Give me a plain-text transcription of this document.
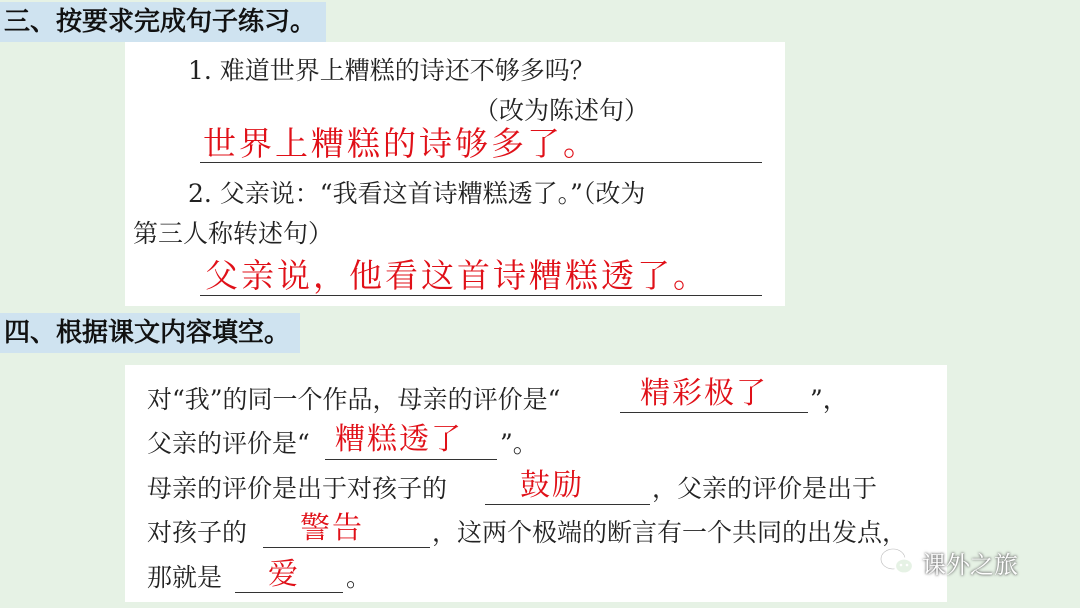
三、按要求完成句子练习。
1. 难道世界上糟糕的诗还不够多吗？
（改为陈述句）
世界上糟糕的诗够多了。
2. 父亲说：“我看这首诗糟糕透了。”（改为
第三人称转述句）
父亲说，他看这首诗糟糕透了。
四、根据课文内容填空。
对“我”的同一个作品，母亲的评价是“	精彩极了 ”，
父亲的评价是“ 糟糕透了 ”。
母亲的评价是出于对孩子的 鼓励	，父亲的评价是出于
对孩子的 警告	，这两个极端的断言有一个共同的出发点，
那就是 爱 。	课外之旅
